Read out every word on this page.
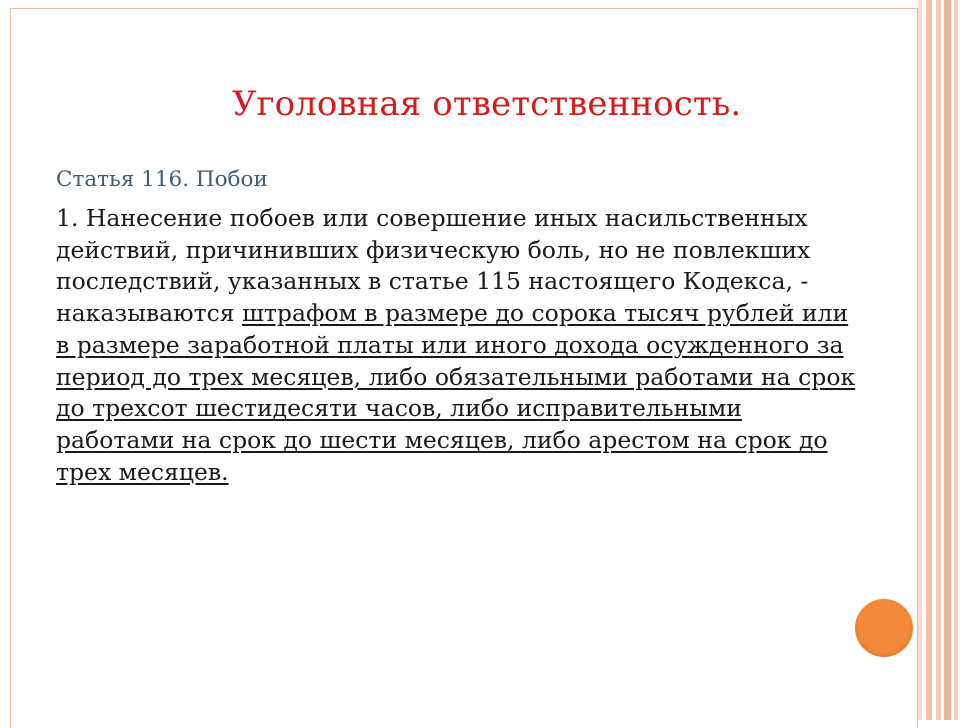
Уголовная ответственность.

Статья 116. Побои

1. Нанесение побоев или совершение иных насильственных
действий, причинивших физическую боль, но не повлекших
последствий, указанных в статье 115 настоящего Кодекса, -
наказываются штрафом в размере до сорока тысяч рублей или
в размере заработной платы или иного дохода осужденного за
период до трех месяцев, либо обязательными работами на срок
до трехсот шестидесяти часов, либо исправительными
работами на срок до шести месяцев, либо арестом на срок до
трех месяцев.
